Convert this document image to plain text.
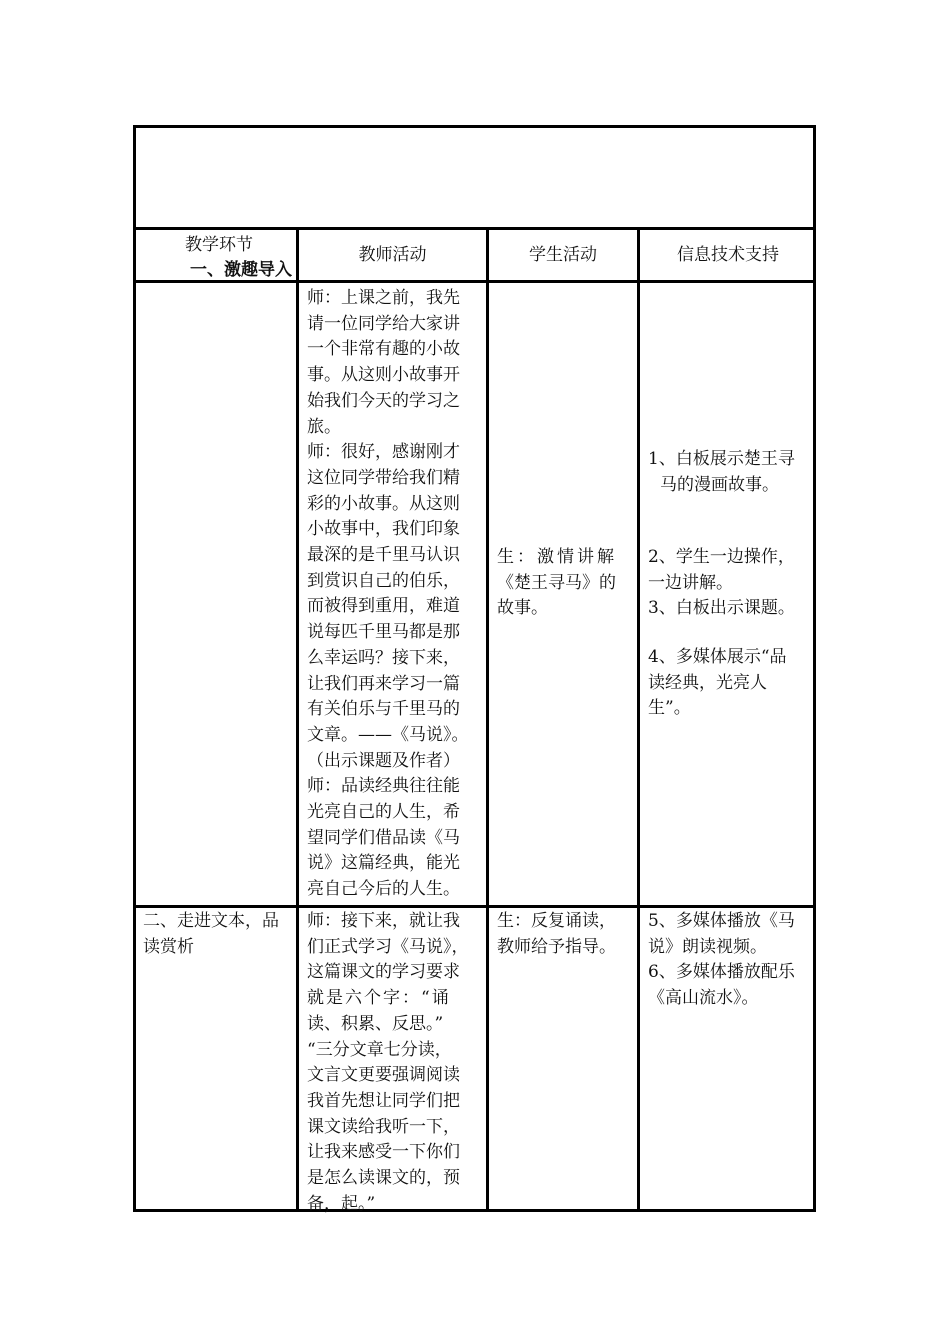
教学环节
一、激趣导入
教师活动	学生活动	信息技术支持
师：上课之前，我先
请一位同学给大家讲
一个非常有趣的小故
事。从这则小故事开
始我们今天的学习之
旅。
师：很好，感谢刚才
这位同学带给我们精
彩的小故事。从这则
小故事中，我们印象
最深的是千里马认识
到赏识自己的伯乐，
而被得到重用，难道
说每匹千里马都是那
么幸运吗？接下来，
让我们再来学习一篇
有关伯乐与千里马的
文章。——《马说》。
（出示课题及作者）
师：品读经典往往能
光亮自己的人生，希
望同学们借品读《马
说》这篇经典，能光
亮自己今后的人生。
生：激情讲解
《楚王寻马》的
故事。
1、白板展示楚王寻
马的漫画故事。
2、学生一边操作，
一边讲解。
3、白板出示课题。
4、多媒体展示“品
读经典，光亮人
生”。
二、走进文本，品
读赏析
师：接下来，就让我
们正式学习《马说》，
这篇课文的学习要求
就是六个字：“诵
读、积累、反思。”
“三分文章七分读，
文言文更要强调阅读
我首先想让同学们把
课文读给我听一下，
让我来感受一下你们
是怎么读课文的，预
备，起。”
生：反复诵读，
教师给予指导。
5、多媒体播放《马
说》朗读视频。
6、多媒体播放配乐
《高山流水》。
